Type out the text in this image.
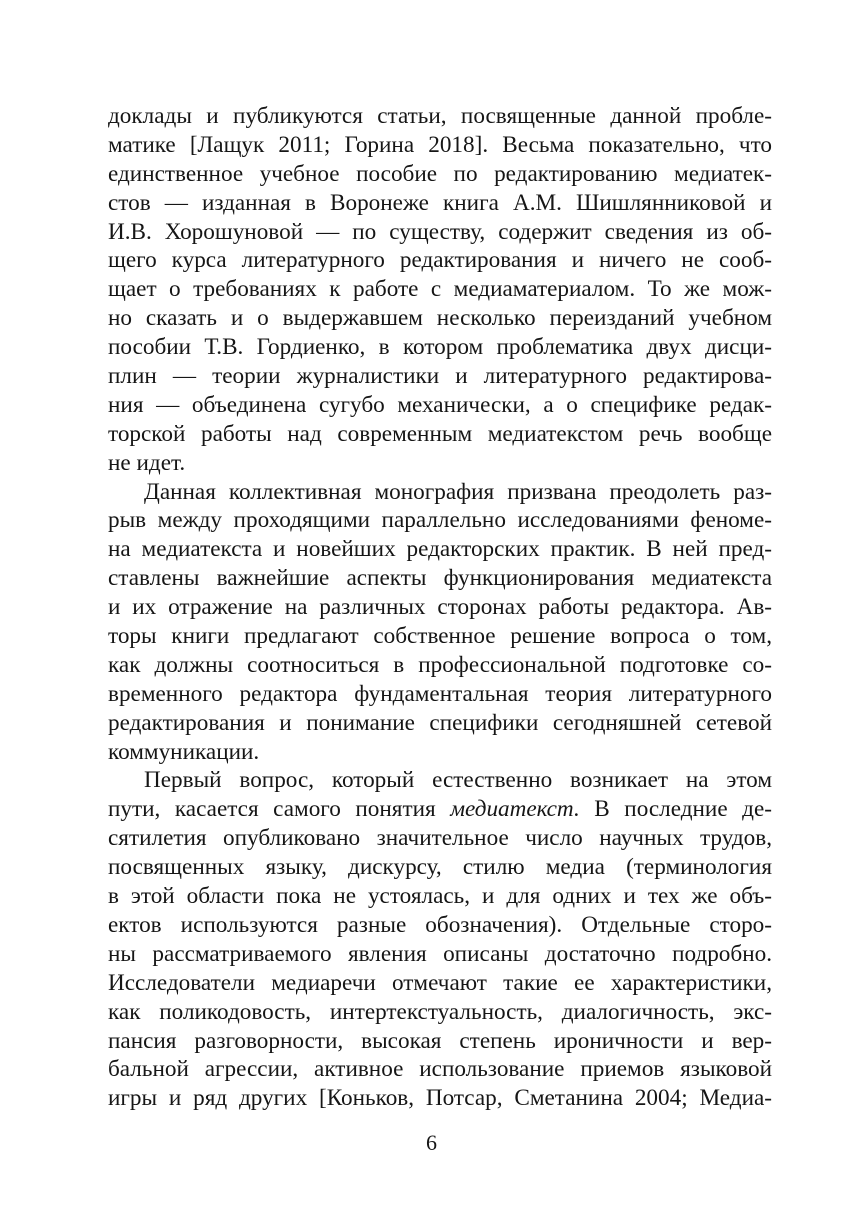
доклады и публикуются статьи, посвященные данной пробле-
матике [Лащук 2011; Горина 2018]. Весьма показательно, что
единственное учебное пособие по редактированию медиатек-
стов — изданная в Воронеже книга А.М. Шишлянниковой и
И.В. Хорошуновой — по существу, содержит сведения из об-
щего курса литературного редактирования и ничего не сооб-
щает о требованиях к работе с медиаматериалом. То же мож-
но сказать и о выдержавшем несколько переизданий учебном
пособии Т.В. Гордиенко, в котором проблематика двух дисци-
плин — теории журналистики и литературного редактирова-
ния — объединена сугубо механически, а о специфике редак-
торской работы над современным медиатекстом речь вообще
не идет.
Данная коллективная монография призвана преодолеть раз-
рыв между проходящими параллельно исследованиями феноме-
на медиатекста и новейших редакторских практик. В ней пред-
ставлены важнейшие аспекты функционирования медиатекста
и их отражение на различных сторонах работы редактора. Ав-
торы книги предлагают собственное решение вопроса о том,
как должны соотноситься в профессиональной подготовке со-
временного редактора фундаментальная теория литературного
редактирования и понимание специфики сегодняшней сетевой
коммуникации.
Первый вопрос, который естественно возникает на этом
пути, касается самого понятия медиатекст. В последние де-
сятилетия опубликовано значительное число научных трудов,
посвященных языку, дискурсу, стилю медиа (терминология
в этой области пока не устоялась, и для одних и тех же объ-
ектов используются разные обозначения). Отдельные сторо-
ны рассматриваемого явления описаны достаточно подробно.
Исследователи медиаречи отмечают такие ее характеристики,
как поликодовость, интертекстуальность, диалогичность, экс-
пансия разговорности, высокая степень ироничности и вер-
бальной агрессии, активное использование приемов языковой
игры и ряд других [Коньков, Потсар, Сметанина 2004; Медиа-
6
